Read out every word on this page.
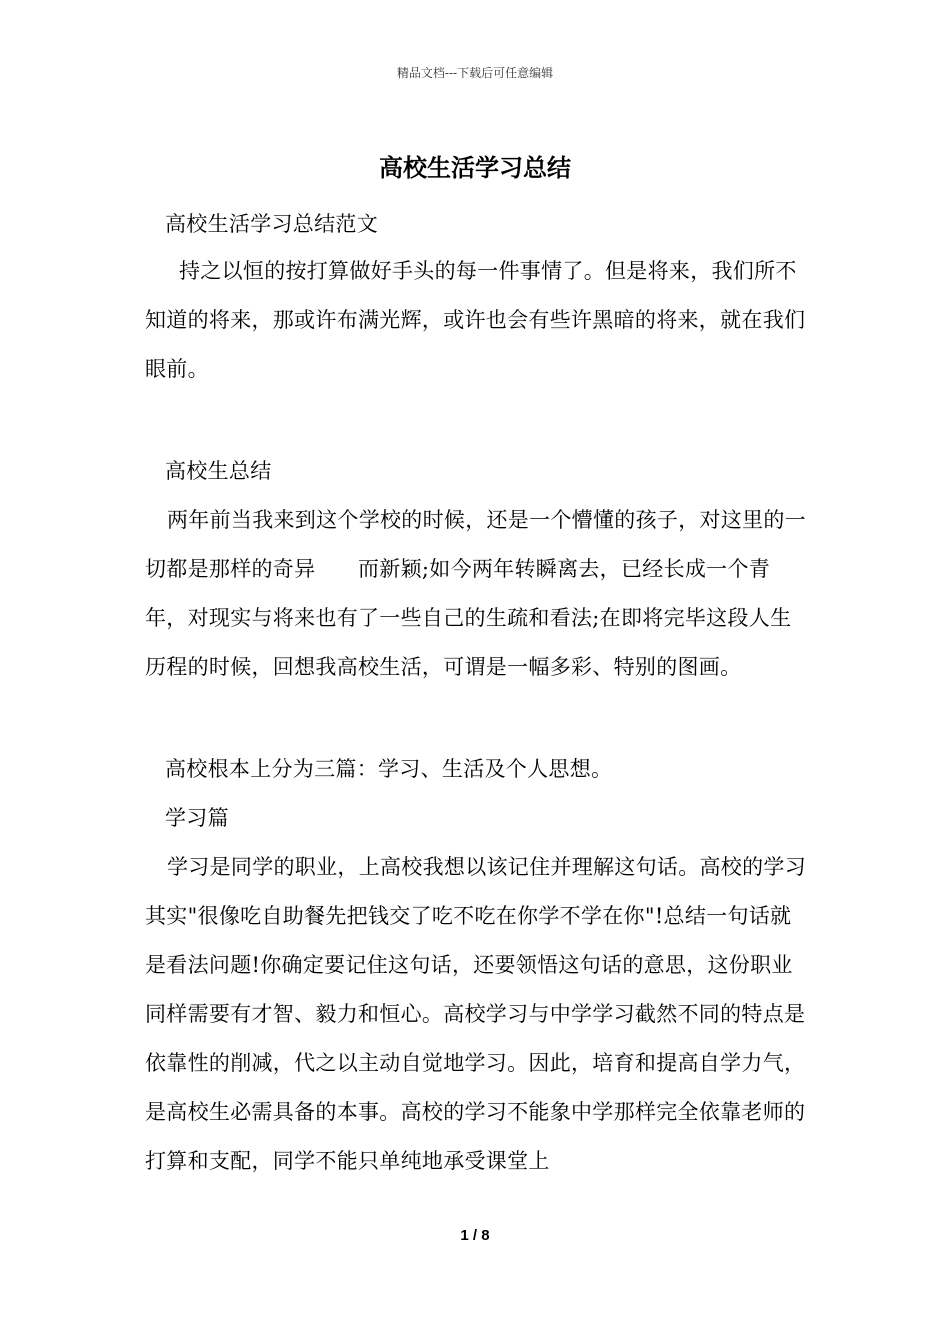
精品文档---下载后可任意编辑
高校生活学习总结

高校生活学习总结范文

持之以恒的按打算做好手头的每一件事情了。但是将来，我们所不知道的将来，那或许布满光辉，或许也会有些许黑暗的将来，就在我们眼前。

高校生总结

两年前当我来到这个学校的时候，还是一个懵懂的孩子，对这里的一切都是那样的奇异　　而新颖;如今两年转瞬离去，已经长成一个青年，对现实与将来也有了一些自己的生疏和看法;在即将完毕这段人生历程的时候，回想我高校生活，可谓是一幅多彩、特别的图画。

高校根本上分为三篇：学习、生活及个人思想。

学习篇

学习是同学的职业，上高校我想以该记住并理解这句话。高校的学习其实"很像吃自助餐先把钱交了吃不吃在你学不学在你"!总结一句话就是看法问题!你确定要记住这句话，还要领悟这句话的意思，这份职业同样需要有才智、毅力和恒心。高校学习与中学学习截然不同的特点是依靠性的削减，代之以主动自觉地学习。因此，培育和提高自学力气，是高校生必需具备的本事。高校的学习不能象中学那样完全依靠老师的打算和支配，同学不能只单纯地承受课堂上

1 / 8
